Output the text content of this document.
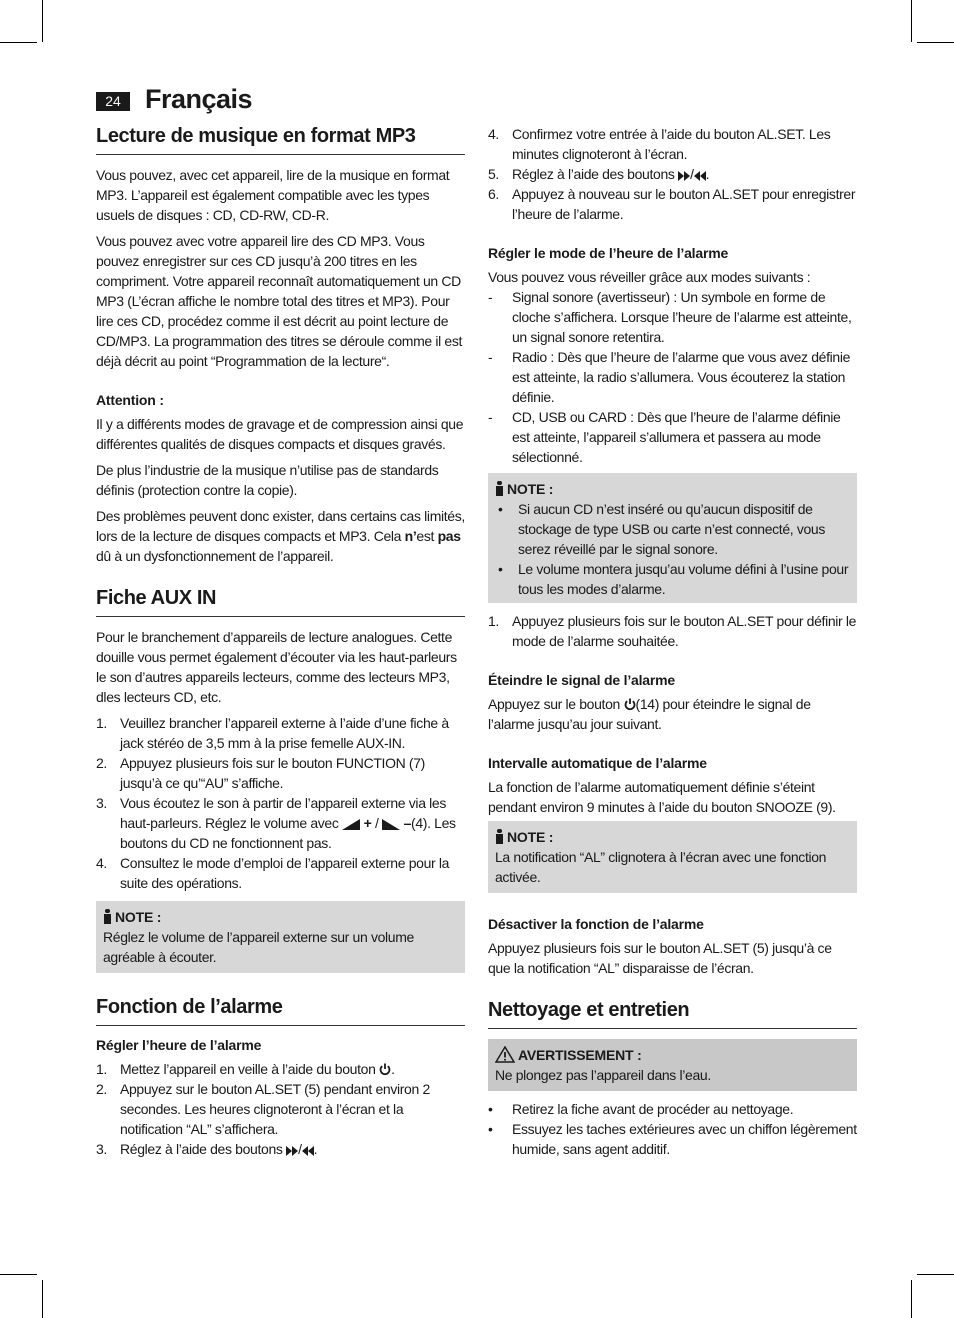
24 Français
Lecture de musique en format MP3

Vous pouvez, avec cet appareil, lire de la musique en format MP3. L’appareil est également compatible avec les types usuels de disques : CD, CD-RW, CD-R.

Vous pouvez avec votre appareil lire des CD MP3. Vous pouvez enregistrer sur ces CD jusqu’à 200 titres en les compriment. Votre appareil reconnaît automatiquement un CD MP3 (L’écran affiche le nombre total des titres et MP3). Pour lire ces CD, procédez comme il est décrit au point lecture de CD/MP3. La programmation des titres se déroule comme il est déjà décrit au point “Programmation de la lecture“.

Attention :

Il y a différents modes de gravage et de compression ainsi que différentes qualités de disques compacts et disques gravés.

De plus l’industrie de la musique n’utilise pas de standards définis (protection contre la copie).

Des problèmes peuvent donc exister, dans certains cas limités, lors de la lecture de disques compacts et MP3. Cela n’est pas dû à un dysfonctionnement de l’appareil.

Fiche AUX IN

Pour le branchement d’appareils de lecture analogues. Cette douille vous permet également d’écouter via les haut-parleurs le son d’autres appareils lecteurs, comme des lecteurs MP3, dles lecteurs CD, etc.

1. Veuillez brancher l’appareil externe à l’aide d’une fiche à jack stéréo de 3,5 mm à la prise femelle AUX-IN.
2. Appuyez plusieurs fois sur le bouton FUNCTION (7) jusqu’à ce qu’“AU” s’affiche.
3. Vous écoutez le son à partir de l’appareil externe via les haut-parleurs. Réglez le volume avec  + /  –(4). Les boutons du CD ne fonctionnent pas.
4. Consultez le mode d’emploi de l’appareil externe pour la suite des opérations.
NOTE :

Réglez le volume de l’appareil externe sur un volume agréable à écouter.

Fonction de l’alarme
Régler l’heure de l’alarme
1. Mettez l’appareil en veille à l’aide du bouton .
2. Appuyez sur le bouton AL.SET (5) pendant environ 2 secondes. Les heures clignoteront à l’écran et la notification “AL” s’affichera.
3. Réglez à l’aide des boutons / .
4. Confirmez votre entrée à l’aide du bouton AL.SET. Les minutes clignoteront à l’écran.
5. Réglez à l’aide des boutons / .
6. Appuyez à nouveau sur le bouton AL.SET pour enregistrer l’heure de l’alarme.
Régler le mode de l’heure de l’alarme

Vous pouvez vous réveiller grâce aux modes suivants :

- Signal sonore (avertisseur) : Un symbole en forme de cloche s’affichera. Lorsque l’heure de l’alarme est atteinte, un signal sonore retentira.
- Radio : Dès que l’heure de l’alarme que vous avez définie est atteinte, la radio s’allumera. Vous écouterez la station définie.
- CD, USB ou CARD : Dès que l’heure de l’alarme définie est atteinte, l’appareil s’allumera et passera au mode sélectionné.
NOTE :
• Si aucun CD n’est inséré ou qu’aucun dispositif de stockage de type USB ou carte n’est connecté, vous serez réveillé par le signal sonore.
• Le volume montera jusqu’au volume défini à l’usine pour tous les modes d’alarme.
1. Appuyez plusieurs fois sur le bouton AL.SET pour définir le mode de l’alarme souhaitée.
Éteindre le signal de l’alarme

Appuyez sur le bouton (14) pour éteindre le signal de l’alarme jusqu’au jour suivant.

Intervalle automatique de l’alarme

La fonction de l’alarme automatiquement définie s’éteint pendant environ 9 minutes à l’aide du bouton SNOOZE (9).

NOTE :

La notification “AL” clignotera à l’écran avec une fonction activée.

Désactiver la fonction de l’alarme

Appuyez plusieurs fois sur le bouton AL.SET (5) jusqu’à ce que la notification “AL” disparaisse de l’écran.

Nettoyage et entretien
AVERTISSEMENT :

Ne plongez pas l’appareil dans l’eau.

• Retirez la fiche avant de procéder au nettoyage.
• Essuyez les taches extérieures avec un chiffon légèrement humide, sans agent additif.
